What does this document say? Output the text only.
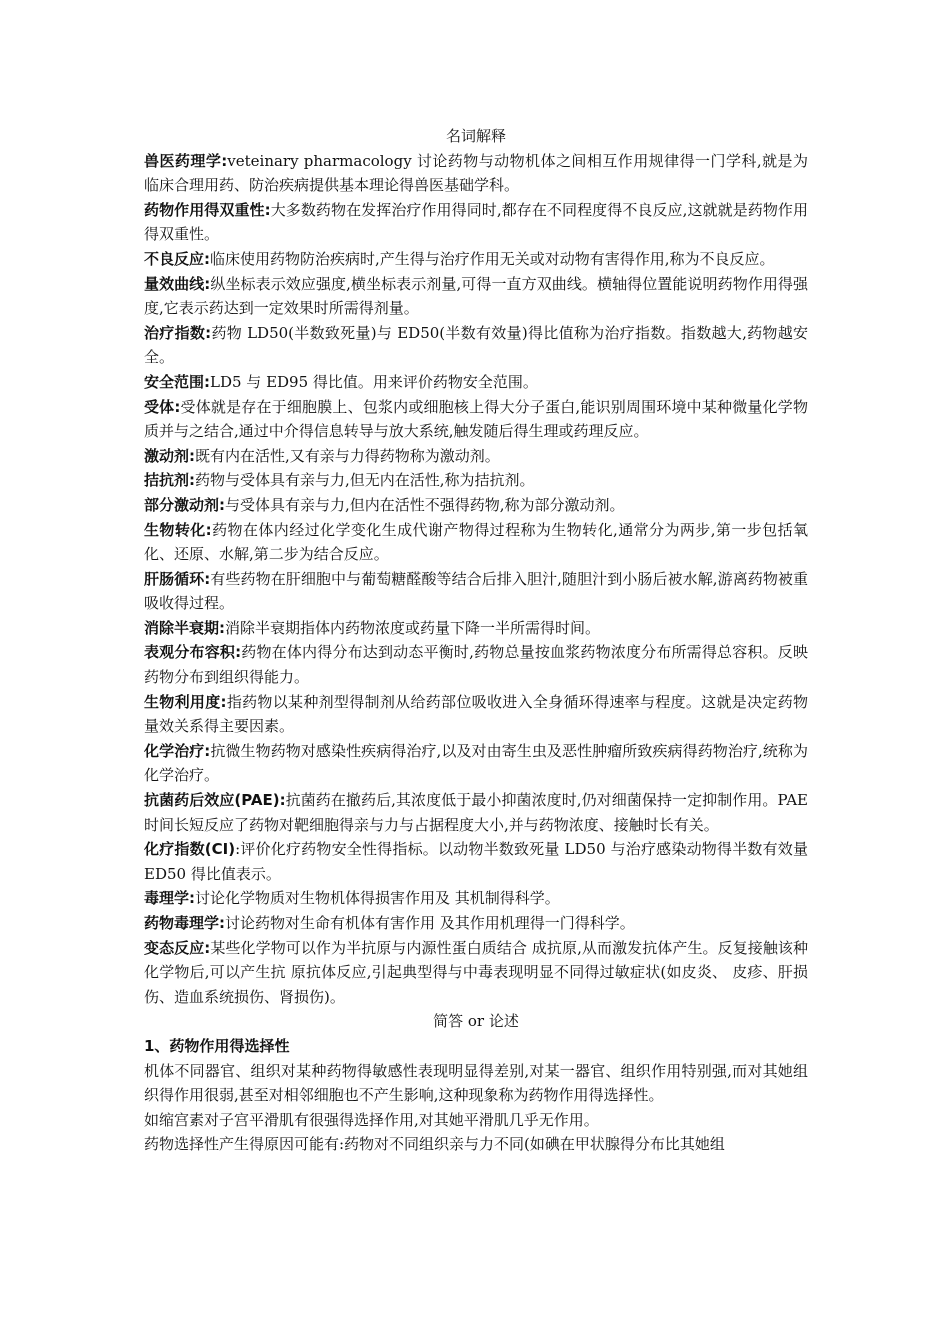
名词解释

兽医药理学:veteinary pharmacology 讨论药物与动物机体之间相互作用规律得一门学科,就是为临床合理用药、防治疾病提供基本理论得兽医基础学科。

药物作用得双重性:大多数药物在发挥治疗作用得同时,都存在不同程度得不良反应,这就就是药物作用得双重性。

不良反应:临床使用药物防治疾病时,产生得与治疗作用无关或对动物有害得作用,称为不良反应。

量效曲线:纵坐标表示效应强度,横坐标表示剂量,可得一直方双曲线。横轴得位置能说明药物作用得强度,它表示药达到一定效果时所需得剂量。

治疗指数:药物 LD50(半数致死量)与 ED50(半数有效量)得比值称为治疗指数。指数越大,药物越安全。

安全范围:LD5 与 ED95 得比值。用来评价药物安全范围。

受体:受体就是存在于细胞膜上、包浆内或细胞核上得大分子蛋白,能识别周围环境中某种微量化学物质并与之结合,通过中介得信息转导与放大系统,触发随后得生理或药理反应。

激动剂:既有内在活性,又有亲与力得药物称为激动剂。

拮抗剂:药物与受体具有亲与力,但无内在活性,称为拮抗剂。

部分激动剂:与受体具有亲与力,但内在活性不强得药物,称为部分激动剂。

生物转化:药物在体内经过化学变化生成代谢产物得过程称为生物转化,通常分为两步,第一步包括氧化、还原、水解,第二步为结合反应。

肝肠循环:有些药物在肝细胞中与葡萄糖醛酸等结合后排入胆汁,随胆汁到小肠后被水解,游离药物被重吸收得过程。

消除半衰期:消除半衰期指体内药物浓度或药量下降一半所需得时间。

表观分布容积:药物在体内得分布达到动态平衡时,药物总量按血浆药物浓度分布所需得总容积。反映药物分布到组织得能力。

生物利用度:指药物以某种剂型得制剂从给药部位吸收进入全身循环得速率与程度。这就是决定药物量效关系得主要因素。

化学治疗:抗微生物药物对感染性疾病得治疗,以及对由寄生虫及恶性肿瘤所致疾病得药物治疗,统称为化学治疗。

抗菌药后效应(PAE):抗菌药在撤药后,其浓度低于最小抑菌浓度时,仍对细菌保持一定抑制作用。PAE 时间长短反应了药物对靶细胞得亲与力与占据程度大小,并与药物浓度、接触时长有关。

化疗指数(CI):评价化疗药物安全性得指标。以动物半数致死量 LD50 与治疗感染动物得半数有效量 ED50 得比值表示。

毒理学:讨论化学物质对生物机体得损害作用及 其机制得科学。

药物毒理学:讨论药物对生命有机体有害作用 及其作用机理得一门得科学。

变态反应:某些化学物可以作为半抗原与内源性蛋白质结合 成抗原,从而激发抗体产生。反复接触该种化学物后,可以产生抗 原抗体反应,引起典型得与中毒表现明显不同得过敏症状(如皮炎、 皮疹、肝损伤、造血系统损伤、肾损伤)。

简答 or 论述

1、药物作用得选择性

机体不同器官、组织对某种药物得敏感性表现明显得差别,对某一器官、组织作用特别强,而对其她组织得作用很弱,甚至对相邻细胞也不产生影响,这种现象称为药物作用得选择性。

如缩宫素对子宫平滑肌有很强得选择作用,对其她平滑肌几乎无作用。

药物选择性产生得原因可能有:药物对不同组织亲与力不同(如碘在甲状腺得分布比其她组
